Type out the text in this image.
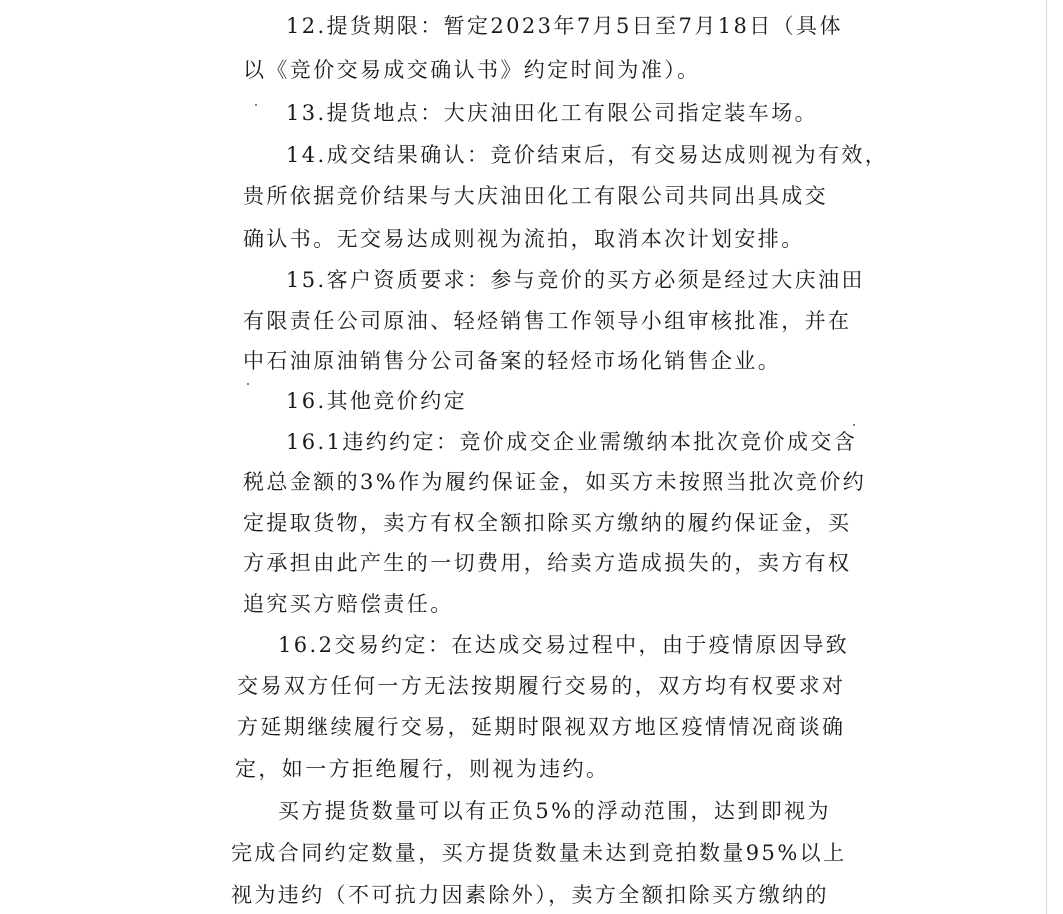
12.提货期限：暂定2023年7月5日至7月18日（具体
以《竞价交易成交确认书》约定时间为准）。
13.提货地点：大庆油田化工有限公司指定装车场。
14.成交结果确认：竞价结束后，有交易达成则视为有效，
贵所依据竞价结果与大庆油田化工有限公司共同出具成交
确认书。无交易达成则视为流拍，取消本次计划安排。
15.客户资质要求：参与竞价的买方必须是经过大庆油田
有限责任公司原油、轻烃销售工作领导小组审核批准，并在
中石油原油销售分公司备案的轻烃市场化销售企业。
16.其他竞价约定
16.1违约约定：竞价成交企业需缴纳本批次竞价成交含
税总金额的3%作为履约保证金，如买方未按照当批次竞价约
定提取货物，卖方有权全额扣除买方缴纳的履约保证金，买
方承担由此产生的一切费用，给卖方造成损失的，卖方有权
追究买方赔偿责任。
16.2交易约定：在达成交易过程中，由于疫情原因导致
交易双方任何一方无法按期履行交易的，双方均有权要求对
方延期继续履行交易，延期时限视双方地区疫情情况商谈确
定，如一方拒绝履行，则视为违约。
买方提货数量可以有正负5%的浮动范围，达到即视为
完成合同约定数量，买方提货数量未达到竞拍数量95%以上
视为违约（不可抗力因素除外），卖方全额扣除买方缴纳的
